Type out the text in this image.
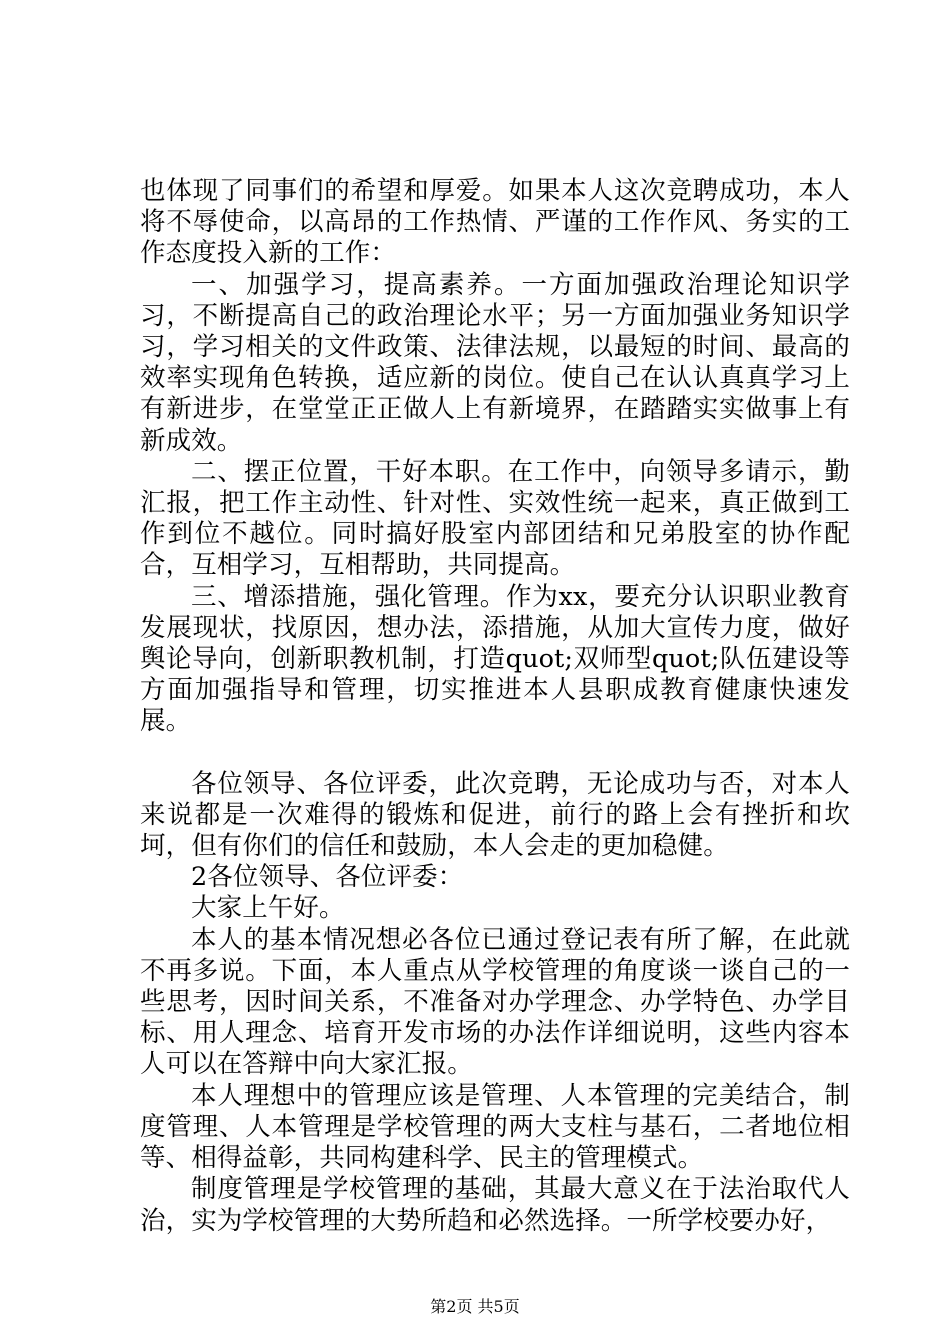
也体现了同事们的希望和厚爱。如果本人这次竞聘成功，本人将不辱使命，以高昂的工作热情、严谨的工作作风、务实的工作态度投入新的工作：

一、加强学习，提高素养。一方面加强政治理论知识学习，不断提高自己的政治理论水平；另一方面加强业务知识学习，学习相关的文件政策、法律法规，以最短的时间、最高的效率实现角色转换，适应新的岗位。使自己在认认真真学习上有新进步，在堂堂正正做人上有新境界，在踏踏实实做事上有新成效。

二、摆正位置，干好本职。在工作中，向领导多请示，勤汇报，把工作主动性、针对性、实效性统一起来，真正做到工作到位不越位。同时搞好股室内部团结和兄弟股室的协作配合，互相学习，互相帮助，共同提高。

三、增添措施，强化管理。作为xx，要充分认识职业教育发展现状，找原因，想办法，添措施，从加大宣传力度，做好舆论导向，创新职教机制，打造quot;双师型quot;队伍建设等方面加强指导和管理，切实推进本人县职成教育健康快速发展。

各位领导、各位评委，此次竞聘，无论成功与否，对本人来说都是一次难得的锻炼和促进，前行的路上会有挫折和坎坷，但有你们的信任和鼓励，本人会走的更加稳健。

2各位领导、各位评委：

大家上午好。

本人的基本情况想必各位已通过登记表有所了解，在此就不再多说。下面，本人重点从学校管理的角度谈一谈自己的一些思考，因时间关系，不准备对办学理念、办学特色、办学目标、用人理念、培育开发市场的办法作详细说明，这些内容本人可以在答辩中向大家汇报。

本人理想中的管理应该是管理、人本管理的完美结合，制度管理、人本管理是学校管理的两大支柱与基石，二者地位相等、相得益彰，共同构建科学、民主的管理模式。

制度管理是学校管理的基础，其最大意义在于法治取代人治，实为学校管理的大势所趋和必然选择。一所学校要办好，

第2页 共5页
